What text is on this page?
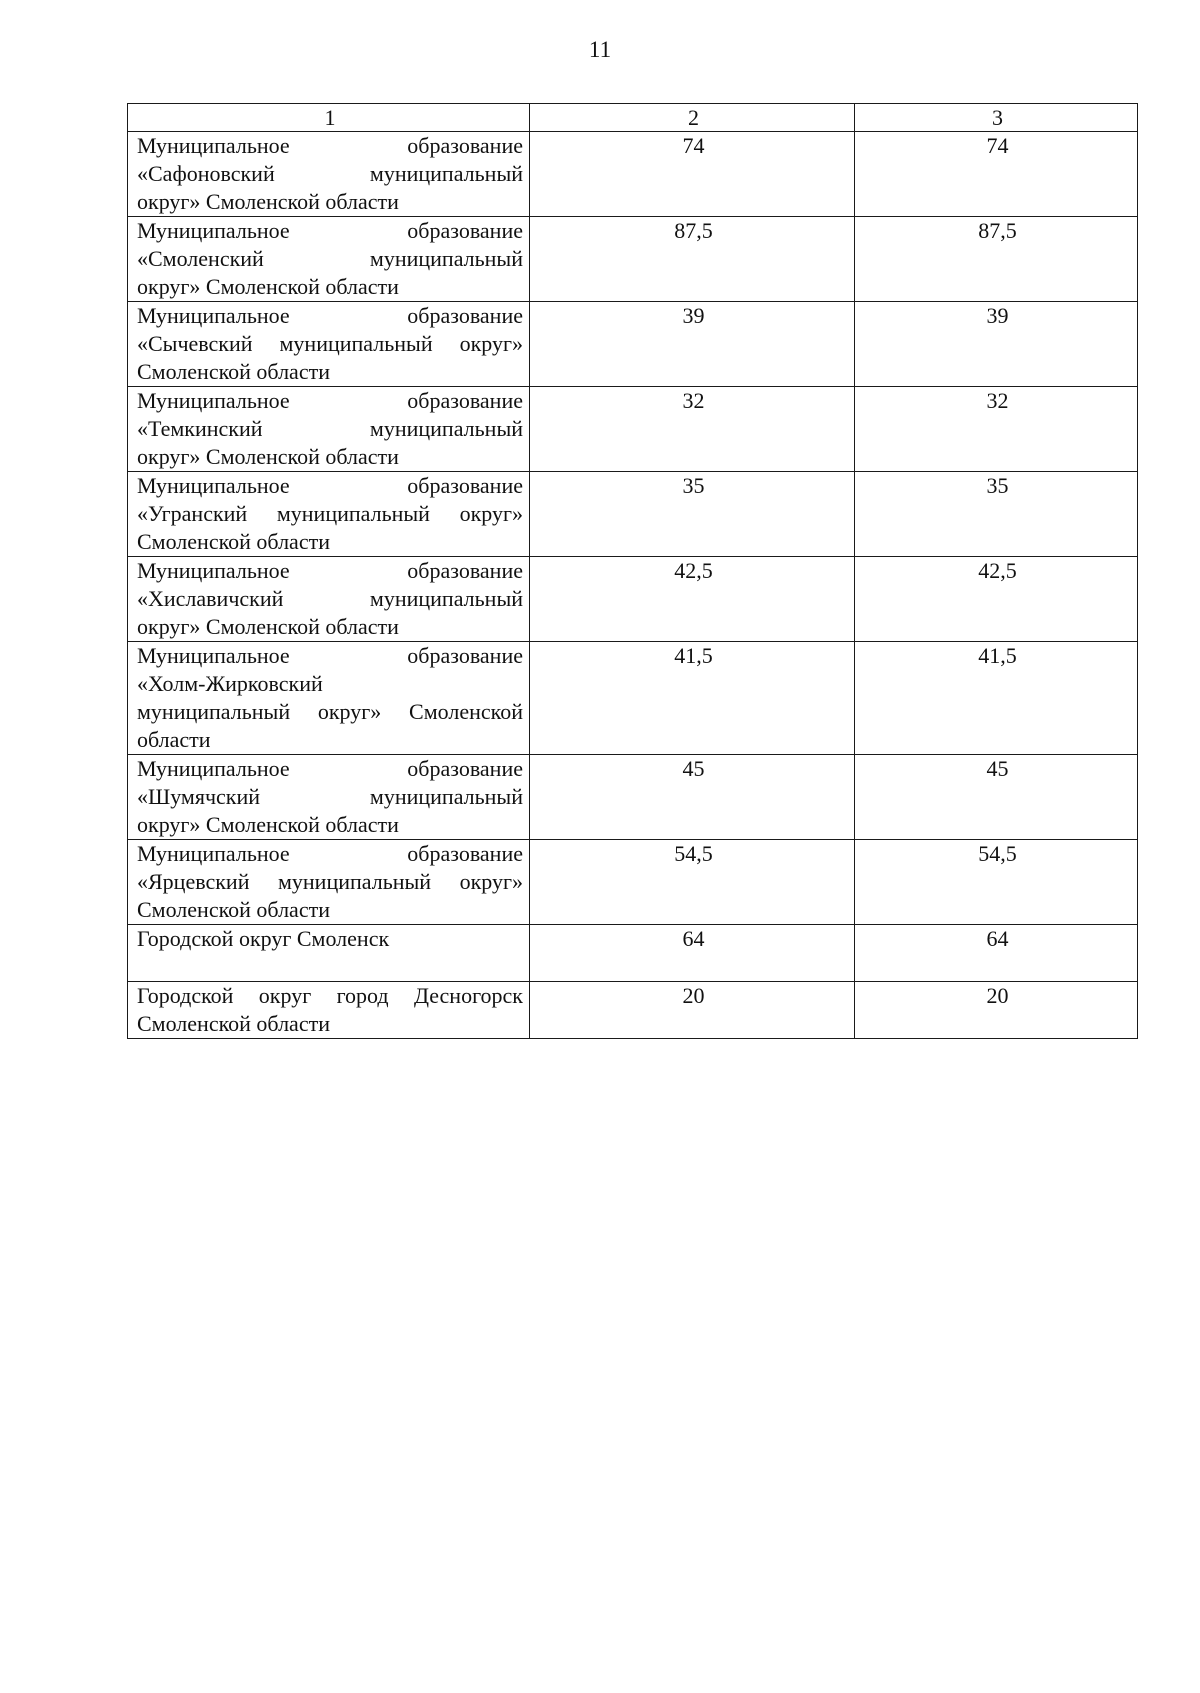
11
1	2	3

Муниципальное образование
«Сафоновский муниципальный
округ» Смоленской области	74	74

Муниципальное образование
«Смоленский муниципальный
округ» Смоленской области	87,5	87,5

Муниципальное образование
«Сычевский муниципальный округ»
Смоленской области	39	39

Муниципальное образование
«Темкинский муниципальный
округ» Смоленской области	32	32

Муниципальное образование
«Угранский муниципальный округ»
Смоленской области	35	35

Муниципальное образование
«Хиславичский муниципальный
округ» Смоленской области	42,5	42,5

Муниципальное образование
«Холм-Жирковский
муниципальный округ» Смоленской
области	41,5	41,5

Муниципальное образование
«Шумячский муниципальный
округ» Смоленской области	45	45

Муниципальное образование
«Ярцевский муниципальный округ»
Смоленской области	54,5	54,5

Городской округ Смоленск	64	64

Городской округ город Десногорск
Смоленской области	20	20
